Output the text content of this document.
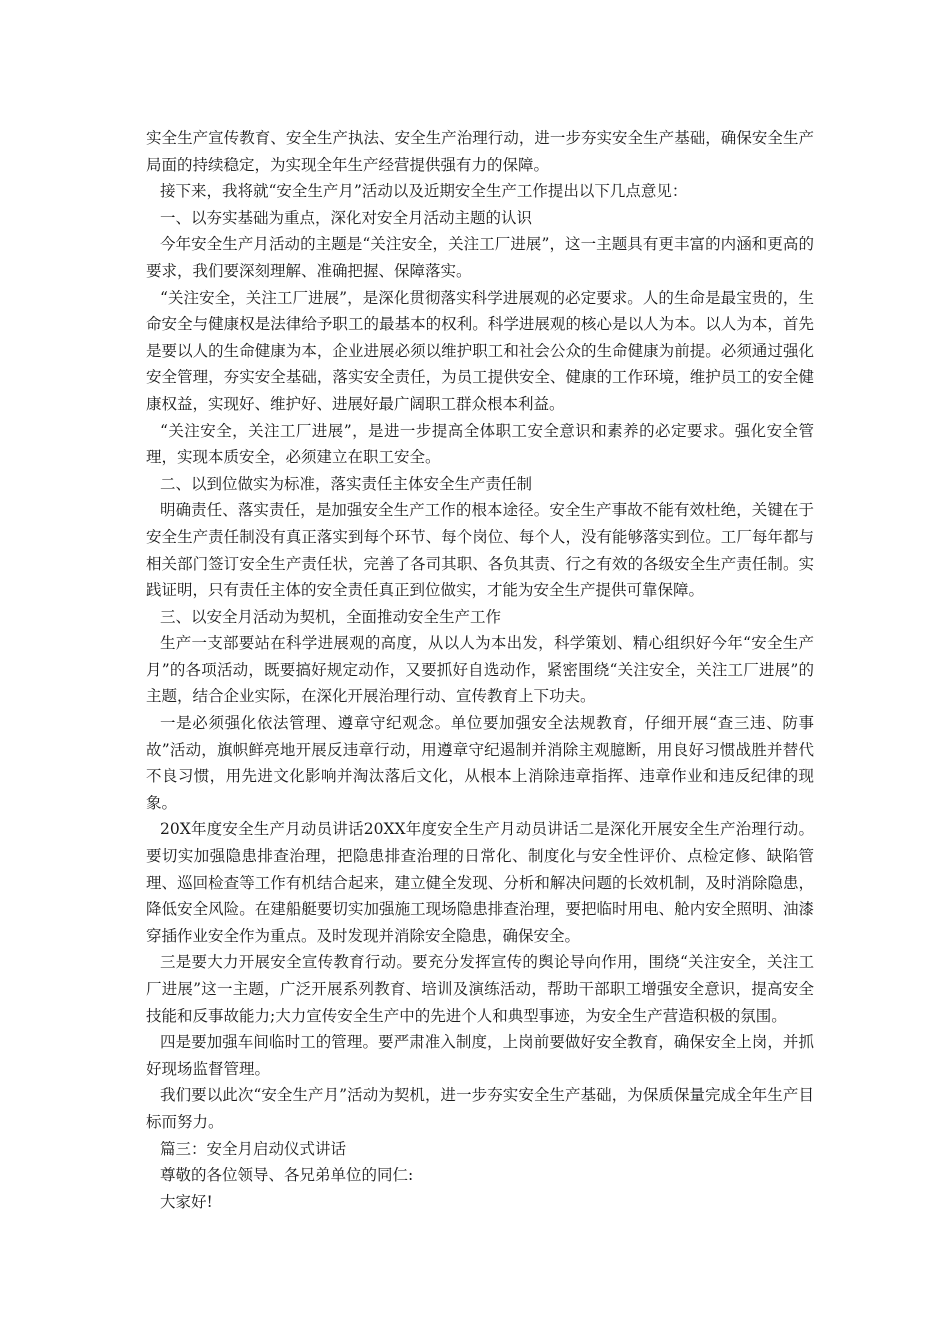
实全生产宣传教育、安全生产执法、安全生产治理行动，进一步夯实安全生产基础，确保安全生产局面的持续稳定，为实现全年生产经营提供强有力的保障。

接下来，我将就“安全生产月”活动以及近期安全生产工作提出以下几点意见：

一、以夯实基础为重点，深化对安全月活动主题的认识

今年安全生产月活动的主题是“关注安全，关注工厂进展”，这一主题具有更丰富的内涵和更高的要求，我们要深刻理解、准确把握、保障落实。

“关注安全，关注工厂进展”，是深化贯彻落实科学进展观的必定要求。人的生命是最宝贵的，生命安全与健康权是法律给予职工的最基本的权利。科学进展观的核心是以人为本。以人为本，首先是要以人的生命健康为本，企业进展必须以维护职工和社会公众的生命健康为前提。必须通过强化安全管理，夯实安全基础，落实安全责任，为员工提供安全、健康的工作环境，维护员工的安全健康权益，实现好、维护好、进展好最广阔职工群众根本利益。

“关注安全，关注工厂进展”，是进一步提高全体职工安全意识和素养的必定要求。强化安全管理，实现本质安全，必须建立在职工安全。

二、以到位做实为标准，落实责任主体安全生产责任制

明确责任、落实责任，是加强安全生产工作的根本途径。安全生产事故不能有效杜绝，关键在于安全生产责任制没有真正落实到每个环节、每个岗位、每个人，没有能够落实到位。工厂每年都与相关部门签订安全生产责任状，完善了各司其职、各负其责、行之有效的各级安全生产责任制。实践证明，只有责任主体的安全责任真正到位做实，才能为安全生产提供可靠保障。

三、以安全月活动为契机，全面推动安全生产工作

生产一支部要站在科学进展观的高度，从以人为本出发，科学策划、精心组织好今年“安全生产月”的各项活动，既要搞好规定动作，又要抓好自选动作，紧密围绕“关注安全，关注工厂进展”的主题，结合企业实际，在深化开展治理行动、宣传教育上下功夫。

一是必须强化依法管理、遵章守纪观念。单位要加强安全法规教育，仔细开展“查三违、防事故”活动，旗帜鲜亮地开展反违章行动，用遵章守纪遏制并消除主观臆断，用良好习惯战胜并替代不良习惯，用先进文化影响并淘汰落后文化，从根本上消除违章指挥、违章作业和违反纪律的现象。

20X年度安全生产月动员讲话20XX年度安全生产月动员讲话二是深化开展安全生产治理行动。要切实加强隐患排查治理，把隐患排查治理的日常化、制度化与安全性评价、点检定修、缺陷管理、巡回检查等工作有机结合起来，建立健全发现、分析和解决问题的长效机制，及时消除隐患，降低安全风险。在建船艇要切实加强施工现场隐患排查治理，要把临时用电、舱内安全照明、油漆穿插作业安全作为重点。及时发现并消除安全隐患，确保安全。

三是要大力开展安全宣传教育行动。要充分发挥宣传的舆论导向作用，围绕“关注安全，关注工厂进展”这一主题，广泛开展系列教育、培训及演练活动，帮助干部职工增强安全意识，提高安全技能和反事故能力;大力宣传安全生产中的先进个人和典型事迹，为安全生产营造积极的氛围。

四是要加强车间临时工的管理。要严肃准入制度，上岗前要做好安全教育，确保安全上岗，并抓好现场监督管理。

我们要以此次“安全生产月”活动为契机，进一步夯实安全生产基础，为保质保量完成全年生产目标而努力。

篇三：安全月启动仪式讲话

尊敬的各位领导、各兄弟单位的同仁:

大家好!
